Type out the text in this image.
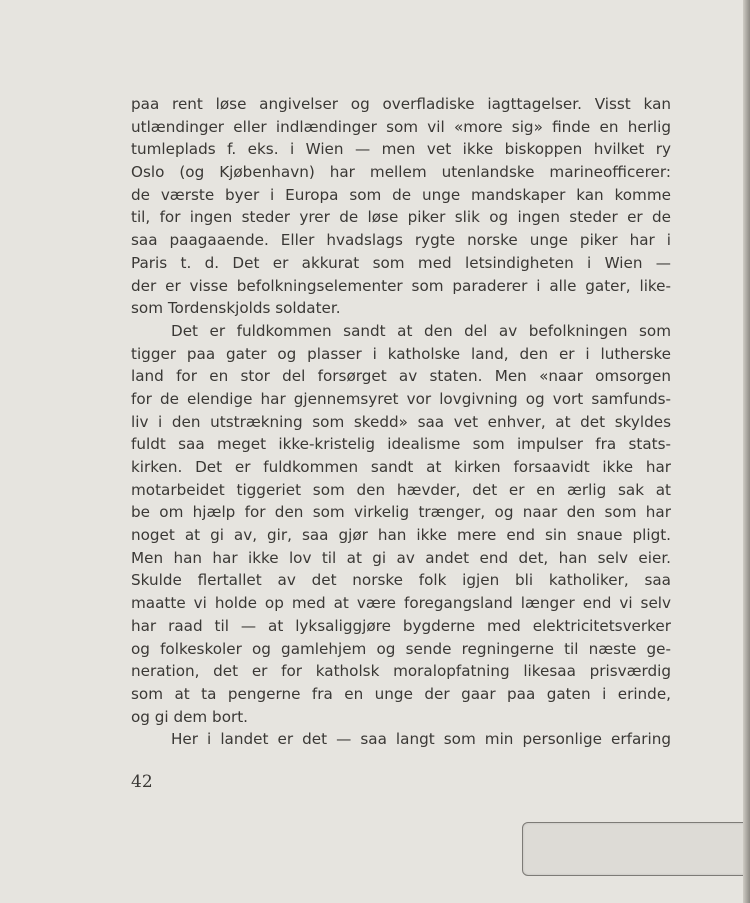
paa rent løse angivelser og overfladiske iagttagelser. Visst kan
utlændinger eller indlændinger som vil «more sig» finde en herlig
tumleplads f. eks. i Wien — men vet ikke biskoppen hvilket ry
Oslo (og Kjøbenhavn) har mellem utenlandske marineofficerer:
de værste byer i Europa som de unge mandskaper kan komme
til, for ingen steder yrer de løse piker slik og ingen steder er de
saa paagaaende. Eller hvadslags rygte norske unge piker har i
Paris t. d. Det er akkurat som med letsindigheten i Wien —
der er visse befolkningselementer som paraderer i alle gater, like-
som Tordenskjolds soldater.
Det er fuldkommen sandt at den del av befolkningen som
tigger paa gater og plasser i katholske land, den er i lutherske
land for en stor del forsørget av staten. Men «naar omsorgen
for de elendige har gjennemsyret vor lovgivning og vort samfunds-
liv i den utstrækning som skedd» saa vet enhver, at det skyldes
fuldt saa meget ikke-kristelig idealisme som impulser fra stats-
kirken. Det er fuldkommen sandt at kirken forsaavidt ikke har
motarbeidet tiggeriet som den hævder, det er en ærlig sak at
be om hjælp for den som virkelig trænger, og naar den som har
noget at gi av, gir, saa gjør han ikke mere end sin snaue pligt.
Men han har ikke lov til at gi av andet end det, han selv eier.
Skulde flertallet av det norske folk igjen bli katholiker, saa
maatte vi holde op med at være foregangsland længer end vi selv
har raad til — at lyksaliggjøre bygderne med elektricitetsverker
og folkeskoler og gamlehjem og sende regningerne til næste ge-
neration, det er for katholsk moralopfatning likesaa prisværdig
som at ta pengerne fra en unge der gaar paa gaten i erinde,
og gi dem bort.
Her i landet er det — saa langt som min personlige erfaring
42
